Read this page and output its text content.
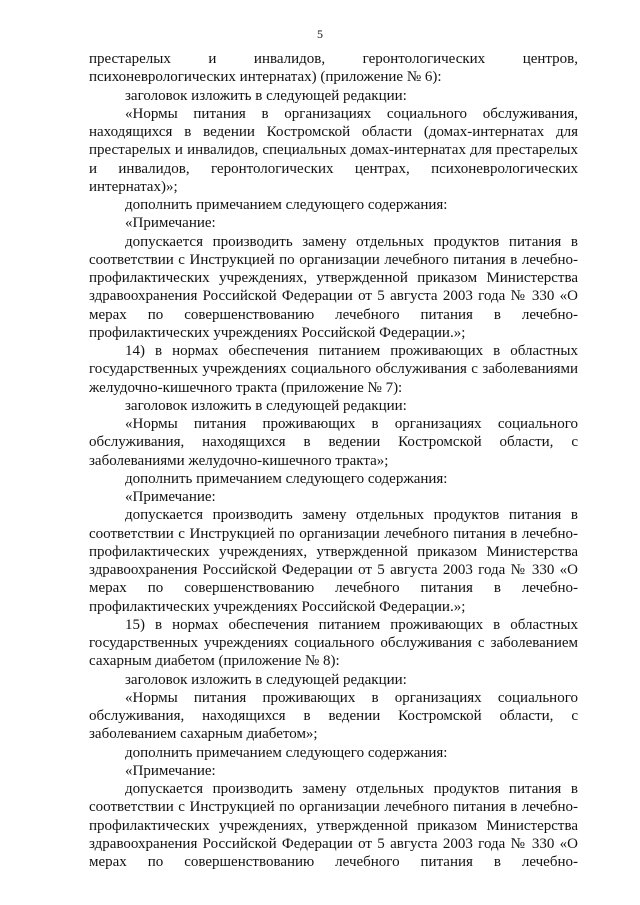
5

престарелых и инвалидов, геронтологических центров, психоневрологических интернатах) (приложение № 6):

заголовок изложить в следующей редакции:

«Нормы питания в организациях социального обслуживания, находящихся в ведении Костромской области (домах-интернатах для престарелых и инвалидов, специальных домах-интернатах для престарелых и инвалидов, геронтологических центрах, психоневрологических интернатах)»;

дополнить примечанием следующего содержания:

«Примечание:

допускается производить замену отдельных продуктов питания в соответствии с Инструкцией по организации лечебного питания в лечебно-профилактических учреждениях, утвержденной приказом Министерства здравоохранения Российской Федерации от 5 августа 2003 года № 330 «О мерах по совершенствованию лечебного питания в лечебно-профилактических учреждениях Российской Федерации.»;

14) в нормах обеспечения питанием проживающих в областных государственных учреждениях социального обслуживания с заболеваниями желудочно-кишечного тракта (приложение № 7):

заголовок изложить в следующей редакции:

«Нормы питания проживающих в организациях социального обслуживания, находящихся в ведении Костромской области, с заболеваниями желудочно-кишечного тракта»;

дополнить примечанием следующего содержания:

«Примечание:

допускается производить замену отдельных продуктов питания в соответствии с Инструкцией по организации лечебного питания в лечебно-профилактических учреждениях, утвержденной приказом Министерства здравоохранения Российской Федерации от 5 августа 2003 года № 330 «О мерах по совершенствованию лечебного питания в лечебно-профилактических учреждениях Российской Федерации.»;

15) в нормах обеспечения питанием проживающих в областных государственных учреждениях социального обслуживания с заболеванием сахарным диабетом (приложение № 8):

заголовок изложить в следующей редакции:

«Нормы питания проживающих в организациях социального обслуживания, находящихся в ведении Костромской области, с заболеванием сахарным диабетом»;

дополнить примечанием следующего содержания:

«Примечание:

допускается производить замену отдельных продуктов питания в соответствии с Инструкцией по организации лечебного питания в лечебно-профилактических учреждениях, утвержденной приказом Министерства здравоохранения Российской Федерации от 5 августа 2003 года № 330 «О мерах по совершенствованию лечебного питания в лечебно-
